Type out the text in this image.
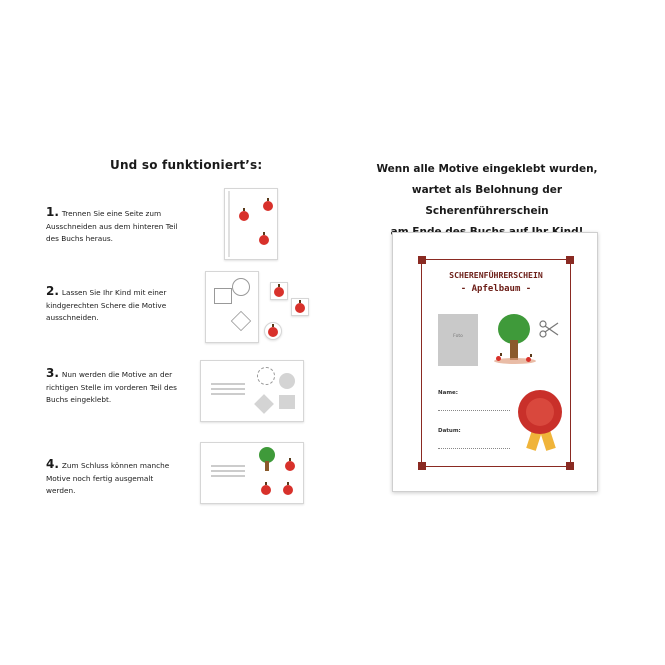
Und so funktioniert’s:
1. Trennen Sie eine Seite zum Ausschneiden aus dem hinteren Teil des Buchs heraus.
2. Lassen Sie Ihr Kind mit einer kindgerechten Schere die Motive ausschneiden.
3. Nun werden die Motive an der richtigen Stelle im vorderen Teil des Buchs eingeklebt.
4. Zum Schluss können manche Motive noch fertig ausgemalt werden.
Wenn alle Motive eingeklebt wurden,
wartet als Belohnung der Scherenführerschein
SCHERENFÜHRERSCHEIN
- Apfelbaum -
Foto
Name:
Datum:
